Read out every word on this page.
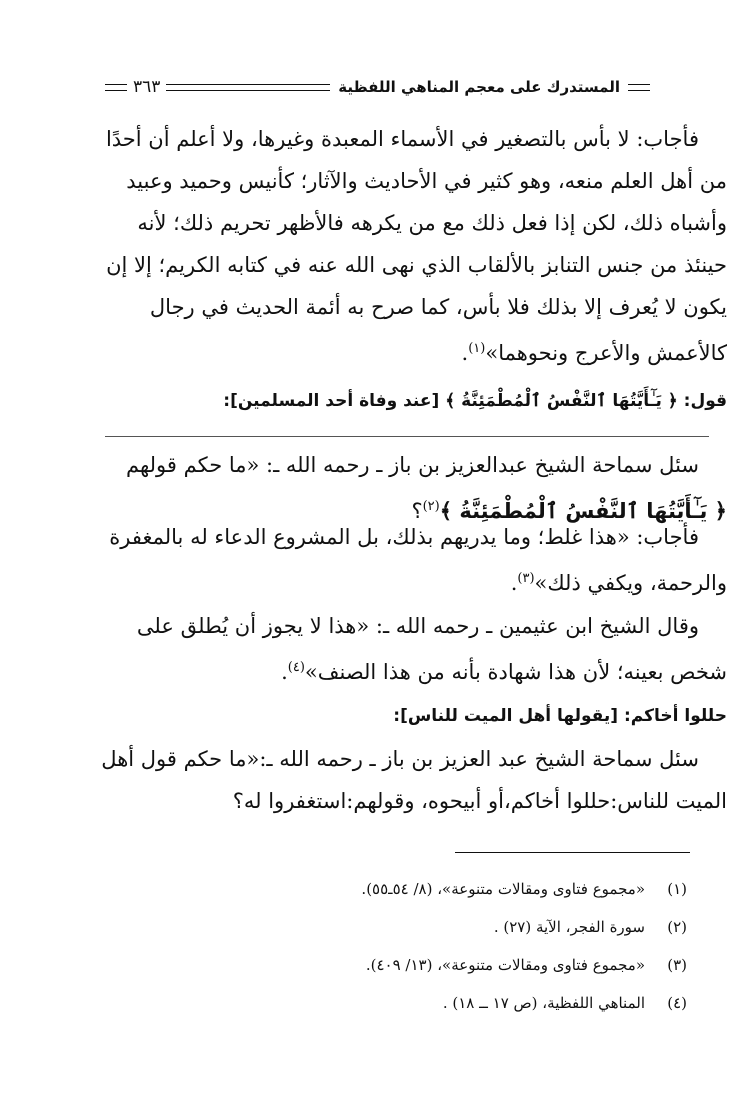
المستدرك على معجم المناهي اللفظية
٣٦٣
فأجاب: لا بأس بالتصغير في الأسماء المعبدة وغيرها، ولا أعلم أن أحدًا
من أهل العلم منعه، وهو كثير في الأحاديث والآثار؛ كأنيس وحميد وعبيد
وأشباه ذلك، لكن إذا فعل ذلك مع من يكرهه فالأظهر تحريم ذلك؛ لأنه
حينئذ من جنس التنابز بالألقاب الذي نهى الله عنه في كتابه الكريم؛ إلا إن
يكون لا يُعرف إلا بذلك فلا بأس، كما صرح به أئمة الحديث في رجال
كالأعمش والأعرج ونحوهما»$^{(١)}$.
قول: ﴿ يَـٰٓأَيَّتُهَا ٱلنَّفْسُ ٱلْمُطْمَئِنَّةُ ﴾ [عند وفاة أحد المسلمين]:
سئل سماحة الشيخ عبدالعزيز بن باز ـ رحمه الله ـ: «ما حكم قولهم
﴿ يَـٰٓأَيَّتُهَا ٱلنَّفْسُ ٱلْمُطْمَئِنَّةُ ﴾$^{(٢)}$؟
فأجاب: «هذا غلط؛ وما يدريهم بذلك، بل المشروع الدعاء له بالمغفرة
والرحمة، ويكفي ذلك»$^{(٣)}$.
وقال الشيخ ابن عثيمين ـ رحمه الله ـ: «هذا لا يجوز أن يُطلق على
شخص بعينه؛ لأن هذا شهادة بأنه من هذا الصنف»$^{(٤)}$.
حللوا أخاكم: [يقولها أهل الميت للناس]:
سئل سماحة الشيخ عبد العزيز بن باز ـ رحمه الله ـ:«ما حكم قول أهل
الميت للناس:حللوا أخاكم،أو أبيحوه، وقولهم:استغفروا له؟
(١)
«مجموع فتاوى ومقالات متنوعة»، (٨/ ٥٤ـ٥٥).
(٢)
سورة الفجر، الآية (٢٧) .
(٣)
«مجموع فتاوى ومقالات متنوعة»، (١٣/ ٤٠٩).
(٤)
المناهي اللفظية، (ص ١٧ ــ ١٨) .
